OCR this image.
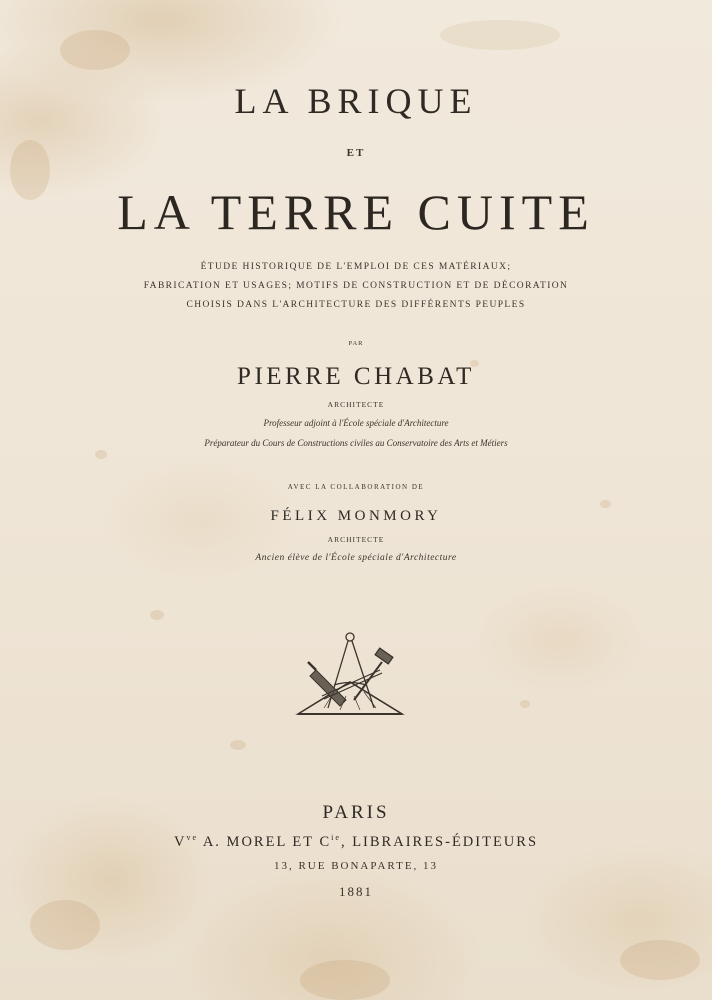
LA BRIQUE
ET
LA TERRE CUITE
ÉTUDE HISTORIQUE DE L'EMPLOI DE CES MATÉRIAUX;
FABRICATION ET USAGES; MOTIFS DE CONSTRUCTION ET DE DÉCORATION
CHOISIS DANS L'ARCHITECTURE DES DIFFÉRENTS PEUPLES
PAR
PIERRE CHABAT
ARCHITECTE
Professeur adjoint à l'École spéciale d'Architecture
Préparateur du Cours de Constructions civiles au Conservatoire des Arts et Métiers
AVEC LA COLLABORATION DE
FÉLIX MONMORY
ARCHITECTE
Ancien élève de l'École spéciale d'Architecture
PARIS
$V^{ve}$ A. MOREL ET $C^{ie}$, LIBRAIRES-ÉDITEURS
13, RUE BONAPARTE, 13
1881
